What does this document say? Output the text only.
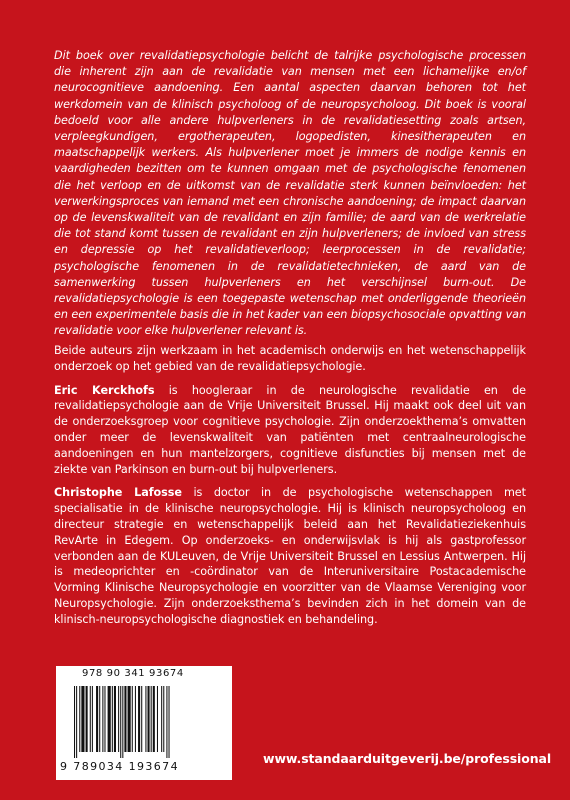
Dit boek over revalidatiepsychologie belicht de talrijke psychologische processen die inherent zijn aan de revalidatie van mensen met een lichamelijke en/of neurocognitieve aandoening. Een aantal aspecten daarvan behoren tot het werkdomein van de klinisch psycholoog of de neuropsycholoog. Dit boek is vooral bedoeld voor alle andere hulpverleners in de revalidatiesetting zoals artsen, verpleegkundigen, ergotherapeuten, logopedisten, kinesitherapeuten en maatschappelijk werkers. Als hulpverlener moet je immers de nodige kennis en vaardigheden bezitten om te kunnen omgaan met de psychologische fenomenen die het verloop en de uitkomst van de revalidatie sterk kunnen beïnvloeden: het verwerkingsproces van iemand met een chronische aandoening; de impact daarvan op de levenskwaliteit van de revalidant en zijn familie; de aard van de werkrelatie die tot stand komt tussen de revalidant en zijn hulpverleners; de invloed van stress en depressie op het revalidatieverloop; leerprocessen in de revalidatie; psychologische fenomenen in de revalidatietechnieken, de aard van de samenwerking tussen hulpverleners en het verschijnsel burn-out. De revalidatiepsychologie is een toegepaste wetenschap met onderliggende theorieën en een experimentele basis die in het kader van een biopsychosociale opvatting van revalidatie voor elke hulpverlener relevant is.

Beide auteurs zijn werkzaam in het academisch onderwijs en het wetenschappelijk onderzoek op het gebied van de revalidatiepsychologie.

Eric Kerckhofs is hoogleraar in de neurologische revalidatie en de revalidatiepsychologie aan de Vrije Universiteit Brussel. Hij maakt ook deel uit van de onderzoeksgroep voor cognitieve psychologie. Zijn onderzoekthema’s omvatten onder meer de levenskwaliteit van patiënten met centraalneurologische aandoeningen en hun mantelzorgers, cognitieve disfuncties bij mensen met de ziekte van Parkinson en burn-out bij hulpverleners.

Christophe Lafosse is doctor in de psychologische wetenschappen met specialisatie in de klinische neuropsychologie. Hij is klinisch neuropsycholoog en directeur strategie en wetenschappelijk beleid aan het Revalidatieziekenhuis RevArte in Edegem. Op onderzoeks- en onderwijsvlak is hij als gastprofessor verbonden aan de KULeuven, de Vrije Universiteit Brussel en Lessius Antwerpen. Hij is medeoprichter en -coördinator van de Interuniversitaire Postacademische Vorming Klinische Neuropsychologie en voorzitter van de Vlaamse Vereniging voor Neuropsychologie. Zijn onderzoeksthema’s bevinden zich in het domein van de klinisch-neuropsychologische diagnostiek en behandeling.

978 90 341 93674
9 789034 193674
www.standaarduitgeverij.be/professional
